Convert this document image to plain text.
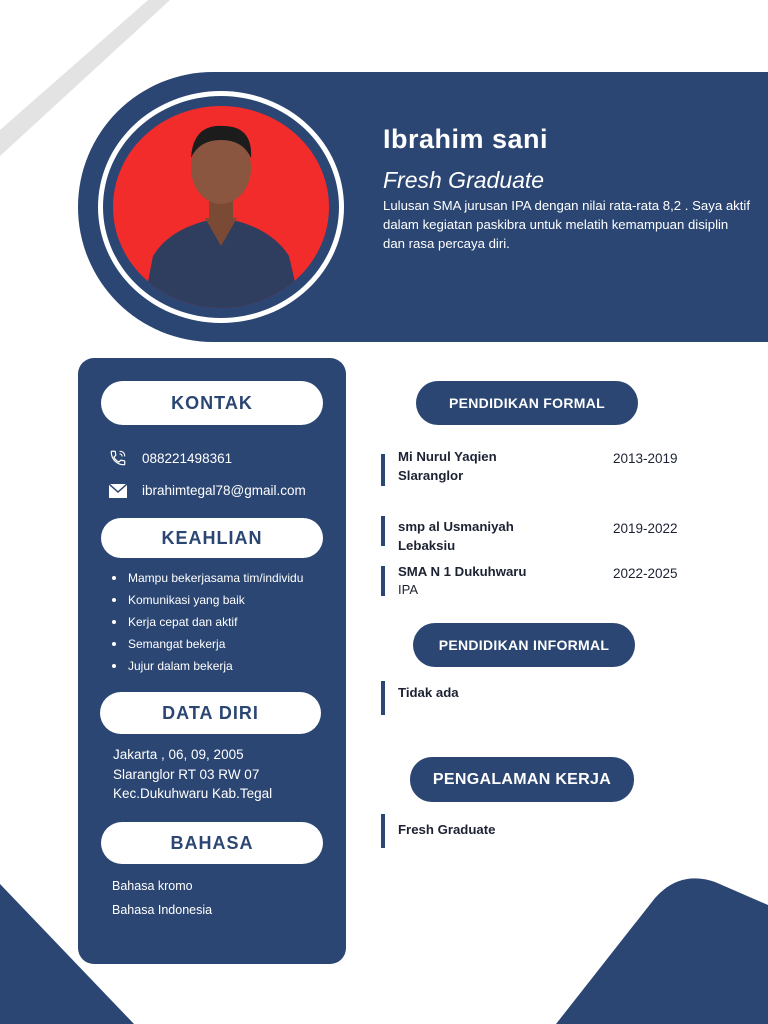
Ibrahim sani
Fresh Graduate
Lulusan SMA jurusan IPA dengan nilai rata-rata 8,2 . Saya aktif dalam kegiatan paskibra untuk melatih kemampuan disiplin dan rasa percaya diri.
KONTAK
088221498361
ibrahimtegal78@gmail.com
KEAHLIAN
Mampu bekerjasama tim/individu
Komunikasi yang baik
Kerja cepat dan aktif
Semangat bekerja
Jujur dalam bekerja
DATA DIRI
Jakarta , 06, 09, 2005
Slaranglor RT 03 RW 07
Kec.Dukuhwaru Kab.Tegal
BAHASA
Bahasa kromo
Bahasa Indonesia
PENDIDIKAN FORMAL
Mi Nurul Yaqien
Slaranglor
2013-2019
smp al Usmaniyah
Lebaksiu
2019-2022
SMA N 1 Dukuhwaru
IPA
2022-2025
PENDIDIKAN INFORMAL
Tidak ada
PENGALAMAN KERJA
Fresh Graduate
